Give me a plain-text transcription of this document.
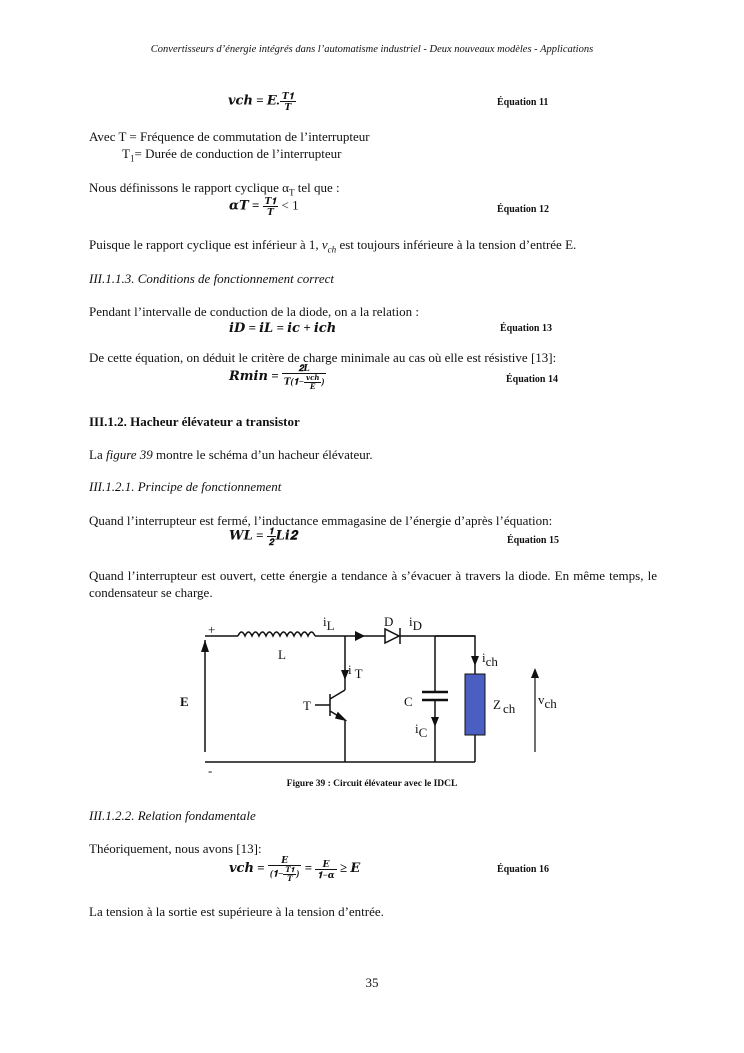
Convertisseurs d’énergie intégrés dans l’automatisme industriel - Deux nouveaux modèles - Applications
𝒗𝒄𝒉 = 𝑬. $\frac{\text{𝑻𝟏}}{\text{𝑻}}$	Équation 11
Avec T = Fréquence de commutation de l’interrupteur
$T_1=$ Durée de conduction de l’interrupteur
Nous définissons le rapport cyclique $\alpha_T$ tel que :
𝜶𝑻 = $\frac{\text{𝑻𝟏}}{\text{𝑻}} < 1$	Équation 12
Puisque le rapport cyclique est inférieur à 1, $v_{ch}$ est toujours inférieure à la tension d’entrée E.
III.1.1.3. Conditions de fonctionnement correct
Pendant l’intervalle de conduction de la diode, on a la relation :
𝒊𝑫 = 𝒊𝑳 = 𝒊𝒄 + 𝒊𝒄𝒉	Équation 13
De cette équation, on déduit le critère de charge minimale au cas où elle est résistive [13]:
𝑹𝒎𝒊𝒏 = $\frac{\text{𝟐𝑳}}{𝑻(𝟏- \frac{\text{𝒗𝒄𝒉}}{\text{𝑬}} )}$	Équation 14
III.1.2. Hacheur élévateur a transistor
La figure 39 montre le schéma d’un hacheur élévateur.
III.1.2.1. Principe de fonctionnement
Quand l’interrupteur est fermé, l’inductance emmagasine de l’énergie d’après l’équation:
𝑾𝑳 = $\frac{𝟏}{𝟐}$ 𝑳𝒊𝟐	Équation 15
Quand l’interrupteur est ouvert, cette énergie a tendance à s’évacuer à travers la diode. En même temps, le condensateur se charge.
+
-
E
L
iL	D iD
i T
T	C
iC
ich
Z ch
vch
Figure 39 : Circuit élévateur avec le IDCL
III.1.2.2. Relation fondamentale
Théoriquement, nous avons [13]:
𝒗𝒄𝒉 = $\frac{\text{𝑬}}{(𝟏- \frac{\text{𝑻𝟏}}{\text{𝑻}} )} = \frac{\text{𝑬}}{\text{𝟏−𝜶}}$ ≥ 𝑬	Équation 16
La tension à la sortie est supérieure à la tension d’entrée.
35
